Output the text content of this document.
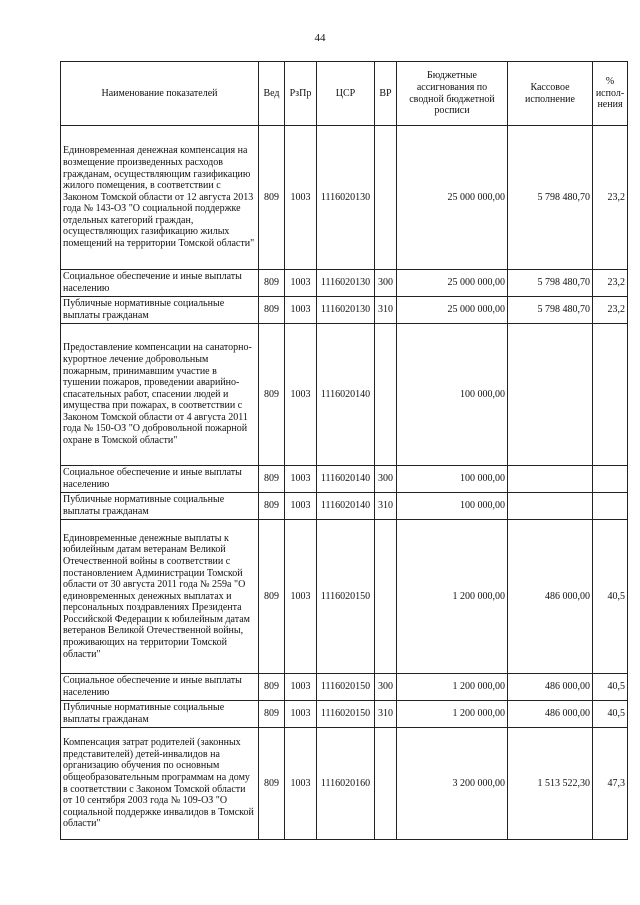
44
Наименование показателей	Вед	РзПр	ЦСР	ВР	Бюджетные ассигнования по сводной бюджетной росписи	Кассовое исполнение	% испол-нения
Единовременная денежная компенсация на возмещение произведенных расходов гражданам, осуществляющим газификацию жилого помещения, в соответствии с Законом Томской области от 12 августа 2013 года № 143-ОЗ "О социальной поддержке отдельных категорий граждан, осуществляющих газификацию жилых помещений на территории Томской области"	809	1003	1116020130		25 000 000,00	5 798 480,70	23,2
Социальное обеспечение и иные выплаты населению	809	1003	1116020130	300	25 000 000,00	5 798 480,70	23,2
Публичные нормативные социальные выплаты гражданам	809	1003	1116020130	310	25 000 000,00	5 798 480,70	23,2
Предоставление компенсации на санаторно-курортное лечение добровольным пожарным, принимавшим участие в тушении пожаров, проведении аварийно-спасательных работ, спасении людей и имущества при пожарах, в соответствии с Законом Томской области от 4 августа 2011 года № 150-ОЗ "О добровольной пожарной охране в Томской области"	809	1003	1116020140		100 000,00		
Социальное обеспечение и иные выплаты населению	809	1003	1116020140	300	100 000,00		
Публичные нормативные социальные выплаты гражданам	809	1003	1116020140	310	100 000,00		
Единовременные денежные выплаты к юбилейным датам ветеранам Великой Отечественной войны в соответствии с постановлением Администрации Томской области от 30 августа 2011 года № 259а "О единовременных денежных выплатах и персональных поздравлениях Президента Российской Федерации к юбилейным датам ветеранов Великой Отечественной войны, проживающих на территории Томской области"	809	1003	1116020150		1 200 000,00	486 000,00	40,5
Социальное обеспечение и иные выплаты населению	809	1003	1116020150	300	1 200 000,00	486 000,00	40,5
Публичные нормативные социальные выплаты гражданам	809	1003	1116020150	310	1 200 000,00	486 000,00	40,5
Компенсация затрат родителей (законных представителей) детей-инвалидов на организацию обучения по основным общеобразовательным программам на дому в соответствии с Законом Томской области от 10 сентября 2003 года № 109-ОЗ "О социальной поддержке инвалидов в Томской области"	809	1003	1116020160		3 200 000,00	1 513 522,30	47,3
